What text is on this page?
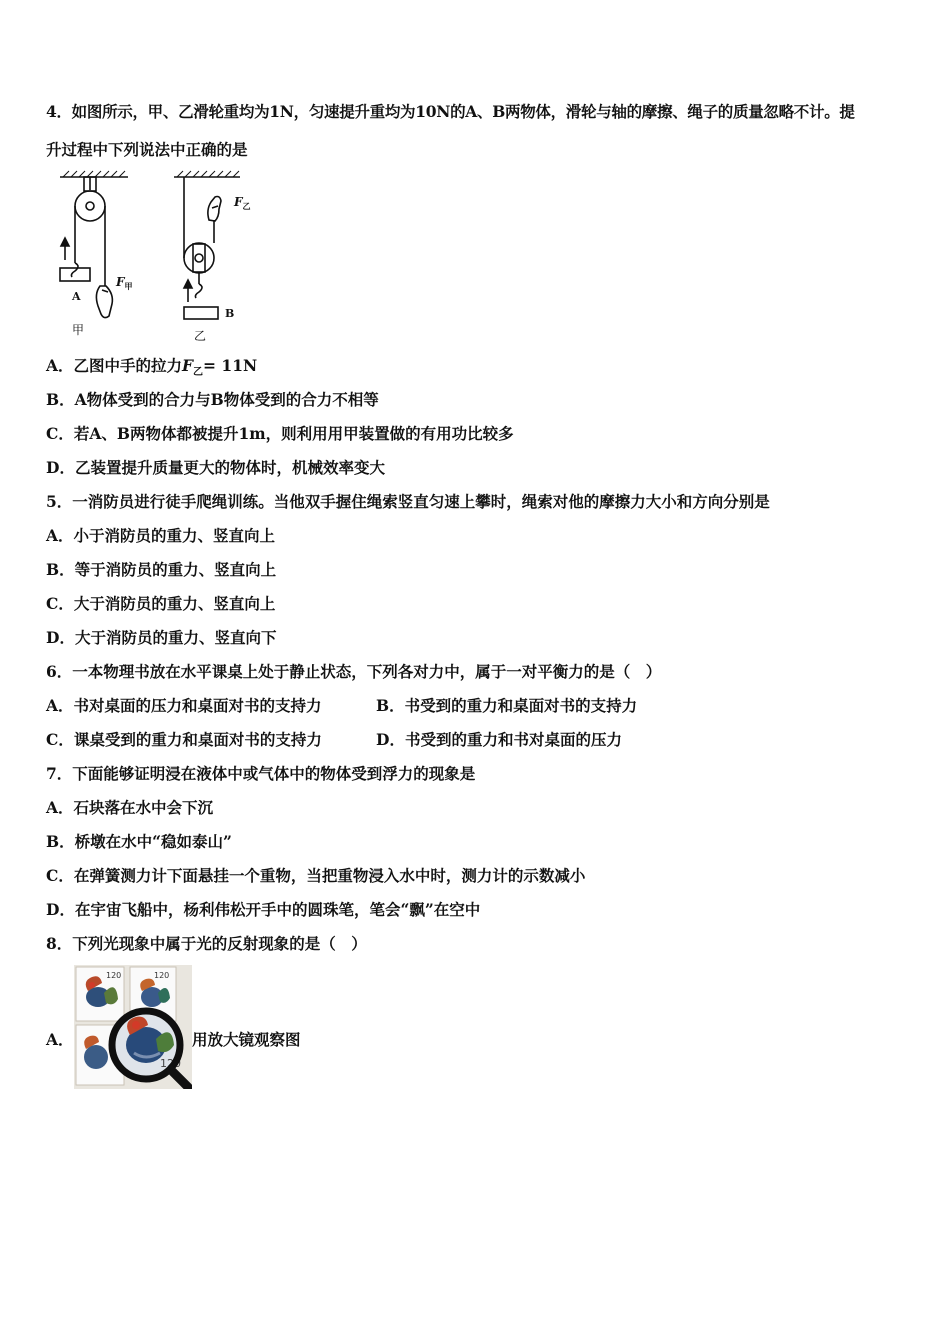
4．如图所示，甲、乙滑轮重均为1N，匀速提升重均为10N的A、B两物体，滑轮与轴的摩擦、绳子的质量忽略不计。提
升过程中下列说法中正确的是
A
甲
$F_甲$
$F_乙$
B
乙
A．乙图中手的拉力$F_乙= 11N$
B．A物体受到的合力与B物体受到的合力不相等
C．若A、B两物体都被提升1m，则利用用甲装置做的有用功比较多
D．乙装置提升质量更大的物体时，机械效率变大
5．一消防员进行徒手爬绳训练。当他双手握住绳索竖直匀速上攀时，绳索对他的摩擦力大小和方向分别是
A．小于消防员的重力、竖直向上
B．等于消防员的重力、竖直向上
C．大于消防员的重力、竖直向上
D．大于消防员的重力、竖直向下
6．一本物理书放在水平课桌上处于静止状态，下列各对力中，属于一对平衡力的是（　）
A．书对桌面的压力和桌面对书的支持力	B．书受到的重力和桌面对书的支持力
C．课桌受到的重力和桌面对书的支持力	D．书受到的重力和书对桌面的压力
7．下面能够证明浸在液体中或气体中的物体受到浮力的现象是
A．石块落在水中会下沉
B．桥墩在水中“稳如泰山”
C．在弹簧测力计下面悬挂一个重物，当把重物浸入水中时，测力计的示数减小
D．在宇宙飞船中，杨利伟松开手中的圆珠笔，笔会“飘”在空中
8．下列光现象中属于光的反射现象的是（　）
A．
120	120
120
用放大镜观察图
